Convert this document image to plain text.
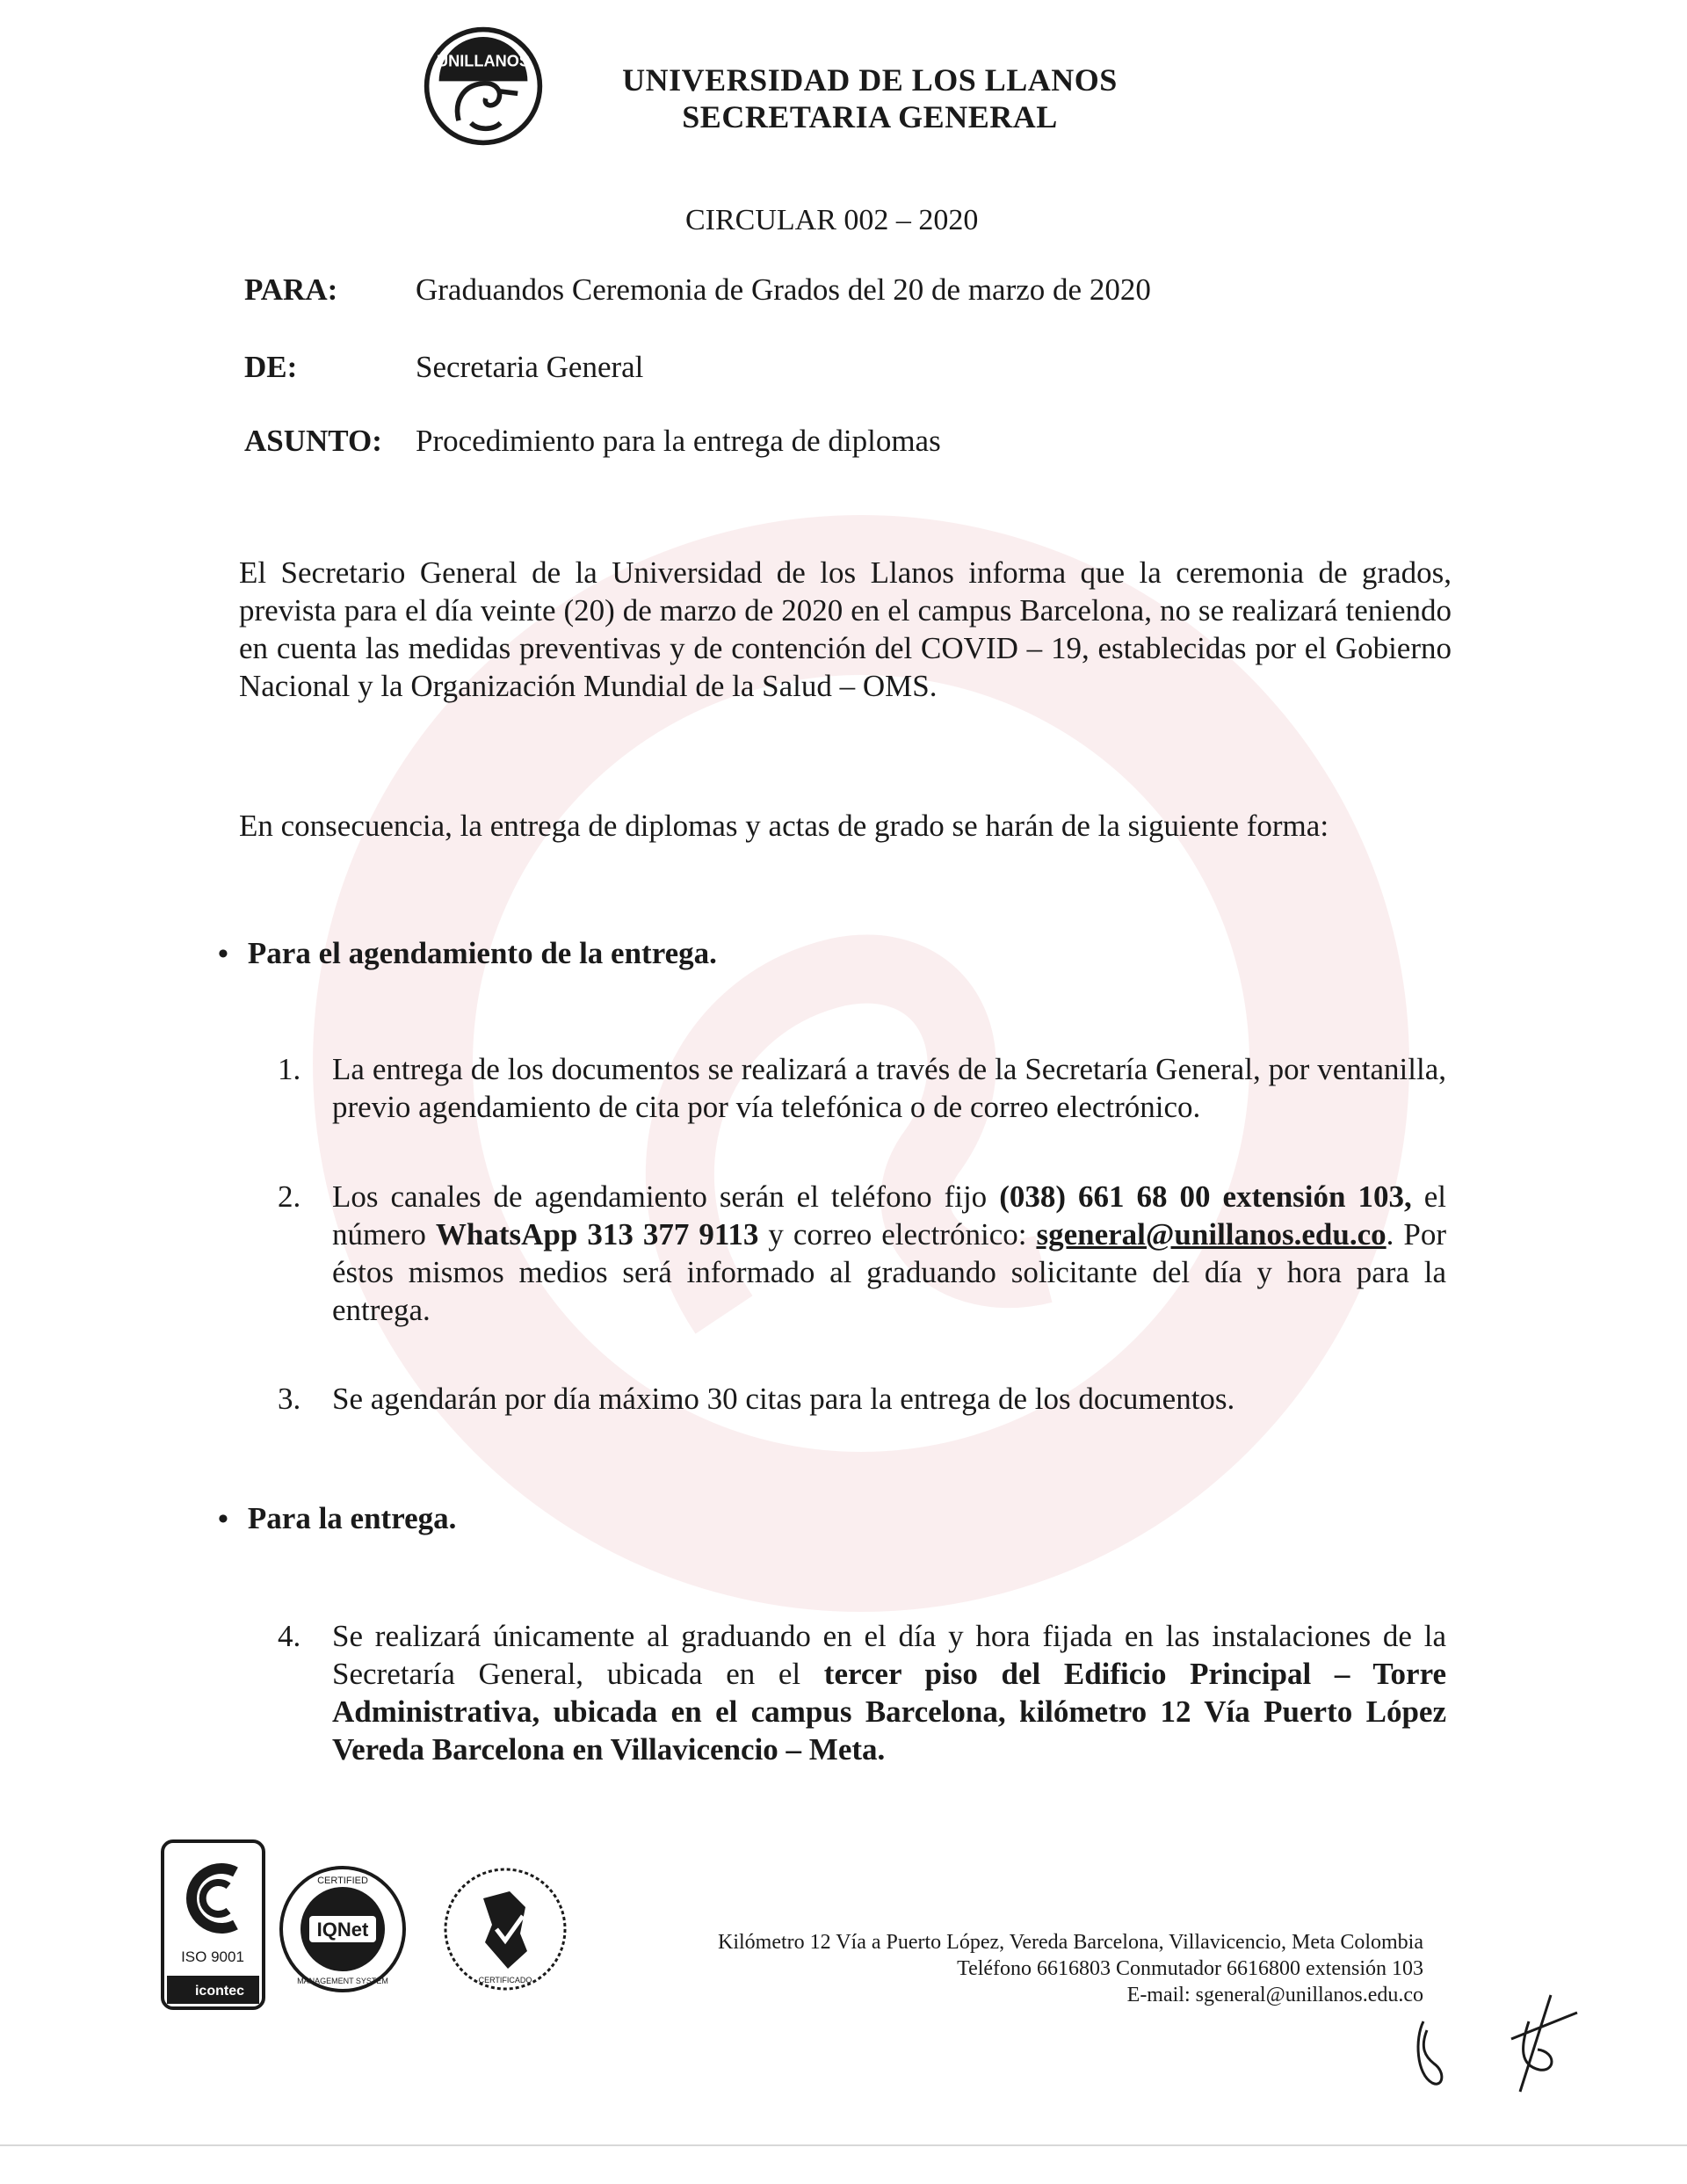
UNILLANOS
UNIVERSIDAD DE LOS LLANOS
SECRETARIA GENERAL
CIRCULAR 002 – 2020
PARA:	Graduandos Ceremonia de Grados del 20 de marzo de 2020
DE:	Secretaria General
ASUNTO: Procedimiento para la entrega de diplomas
El Secretario General de la Universidad de los Llanos informa que la ceremonia de grados, prevista para el día veinte (20) de marzo de 2020 en el campus Barcelona, no se realizará teniendo en cuenta las medidas preventivas y de contención del COVID – 19, establecidas por el Gobierno Nacional y la Organización Mundial de la Salud – OMS.
En consecuencia, la entrega de diplomas y actas de grado se harán de la siguiente forma:
• Para el agendamiento de la entrega.
1. La entrega de los documentos se realizará a través de la Secretaría General, por ventanilla, previo agendamiento de cita por vía telefónica o de correo electrónico.
2. Los canales de agendamiento serán el teléfono fijo (038) 661 68 00 extensión 103, el número WhatsApp 313 377 9113 y correo electrónico: sgeneral@unillanos.edu.co. Por éstos mismos medios será informado al graduando solicitante del día y hora para la entrega.
3. Se agendarán por día máximo 30 citas para la entrega de los documentos.
• Para la entrega.
4. Se realizará únicamente al graduando en el día y hora fijada en las instalaciones de la Secretaría General, ubicada en el tercer piso del Edificio Principal – Torre Administrativa, ubicada en el campus Barcelona, kilómetro 12 Vía Puerto López Vereda Barcelona en Villavicencio – Meta.
ISO 9001
icontec
IQNet
CERTIFIED
MANAGEMENT SYSTEM	CERTIFICADO
Kilómetro 12 Vía a Puerto López, Vereda Barcelona, Villavicencio, Meta Colombia
Teléfono 6616803 Conmutador 6616800 extensión 103
E-mail: sgeneral@unillanos.edu.co
